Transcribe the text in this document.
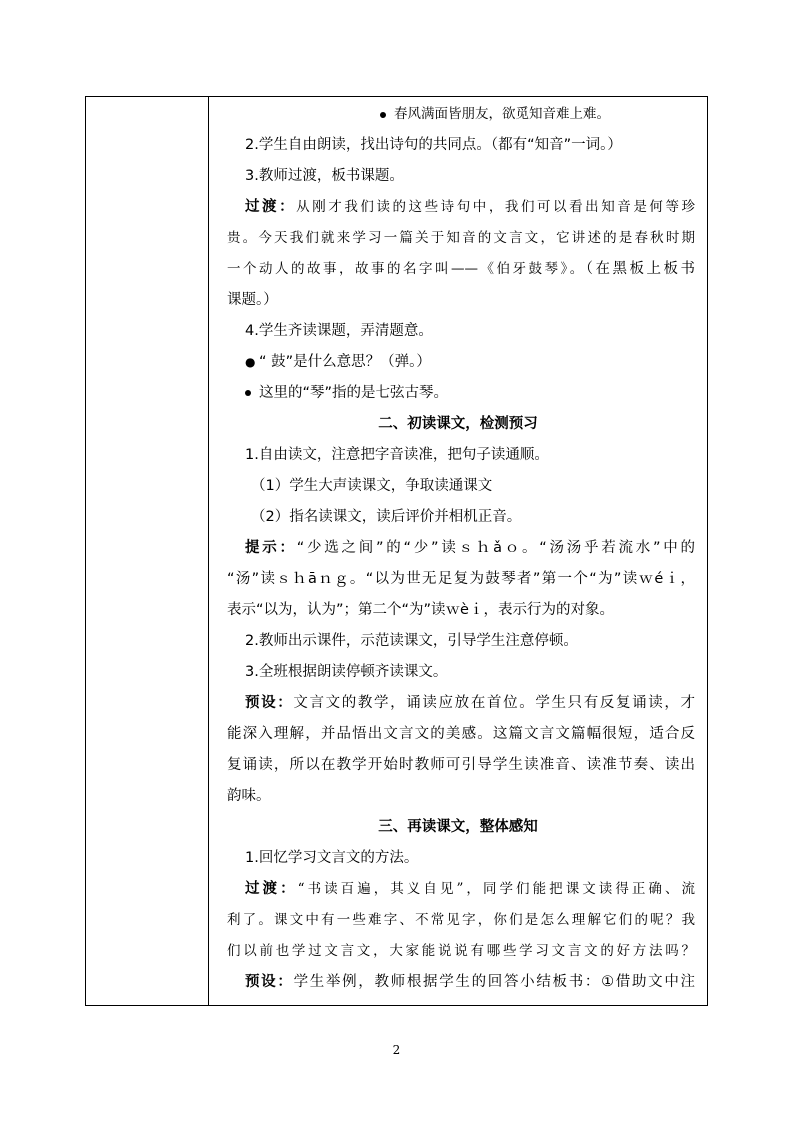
春风满面皆朋友，欲觅知音难上难。
2.学生自由朗读，找出诗句的共同点。（都有“知音”一词。）
3.教师过渡，板书课题。
过渡：从刚才我们读的这些诗句中，我们可以看出知音是何等珍
贵。今天我们就来学习一篇关于知音的文言文，它讲述的是春秋时期
一个动人的故事，故事的名字叫——《伯牙鼓琴》。（在黑板上板书
课题。）
4.学生齐读课题，弄清题意。
● “ 鼓”是什么意思？（弹。）
这里的“琴”指的是七弦古琴。
二、初读课文，检测预习
1.自由读文，注意把字音读准，把句子读通顺。
（1）学生大声读课文，争取读通课文
（2）指名读课文，读后评价并相机正音。
提示：“少选之间”的“少”读ｓｈǎｏ。“汤汤乎若流水”中的
“汤”读ｓｈāｎｇ。“以为世无足复为鼓琴者”第一个“为”读ｗéｉ，
表示“以为，认为”；第二个“为”读ｗèｉ，表示行为的对象。
2.教师出示课件，示范读课文，引导学生注意停顿。
3.全班根据朗读停顿齐读课文。
预设：文言文的教学，诵读应放在首位。学生只有反复诵读，才
能深入理解，并品悟出文言文的美感。这篇文言文篇幅很短，适合反
复诵读，所以在教学开始时教师可引导学生读准音、读准节奏、读出
韵味。
三、再读课文，整体感知
1.回忆学习文言文的方法。
过渡：“书读百遍，其义自见”，同学们能把课文读得正确、流
利了。课文中有一些难字、不常见字，你们是怎么理解它们的呢？我
们以前也学过文言文，大家能说说有哪些学习文言文的好方法吗？
预设：学生举例，教师根据学生的回答小结板书：①借助文中注
2
